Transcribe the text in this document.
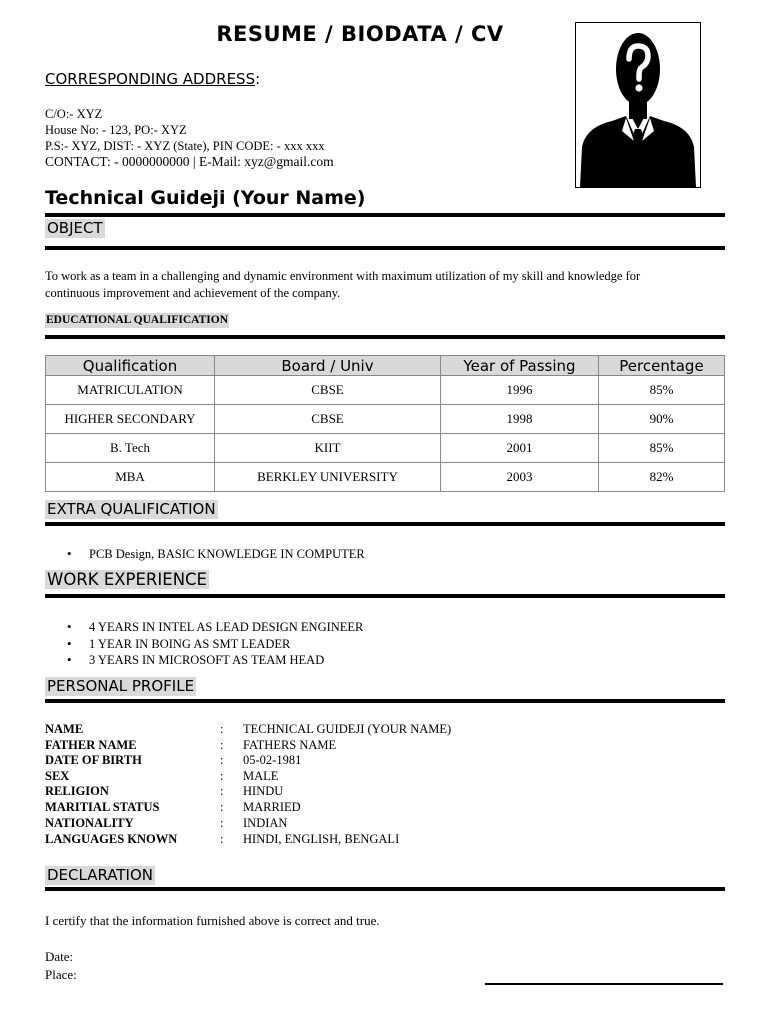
RESUME / BIODATA / CV
CORRESPONDING ADDRESS:
C/O:- XYZ
House No: - 123, PO:- XYZ
P.S:- XYZ, DIST: - XYZ (State), PIN CODE: - xxx xxx
CONTACT: - 0000000000 | E-Mail: xyz@gmail.com
Technical Guideji (Your Name)
OBJECT
To work as a team in a challenging and dynamic environment with maximum utilization of my skill and knowledge for
continuous improvement and achievement of the company.
EDUCATIONAL QUALIFICATION
Qualification	Board / Univ	Year of Passing	Percentage
MATRICULATION	CBSE	1996	85%
HIGHER SECONDARY	CBSE	1998	90%
B. Tech	KIIT	2001	85%
MBA	BERKLEY UNIVERSITY	2003	82%
EXTRA QUALIFICATION
• PCB Design, BASIC KNOWLEDGE IN COMPUTER
WORK EXPERIENCE
• 4 YEARS IN INTEL AS LEAD DESIGN ENGINEER
• 1 YEAR IN BOING AS SMT LEADER
• 3 YEARS IN MICROSOFT AS TEAM HEAD
PERSONAL PROFILE
NAME	: TECHNICAL GUIDEJI (YOUR NAME)
FATHER NAME	: FATHERS NAME
DATE OF BIRTH	: 05-02-1981
SEX	: MALE
RELIGION	: HINDU
MARITIAL STATUS	: MARRIED
NATIONALITY	: INDIAN
LANGUAGES KNOWN	: HINDI, ENGLISH, BENGALI
DECLARATION
I certify that the information furnished above is correct and true.
Date:
Place:
